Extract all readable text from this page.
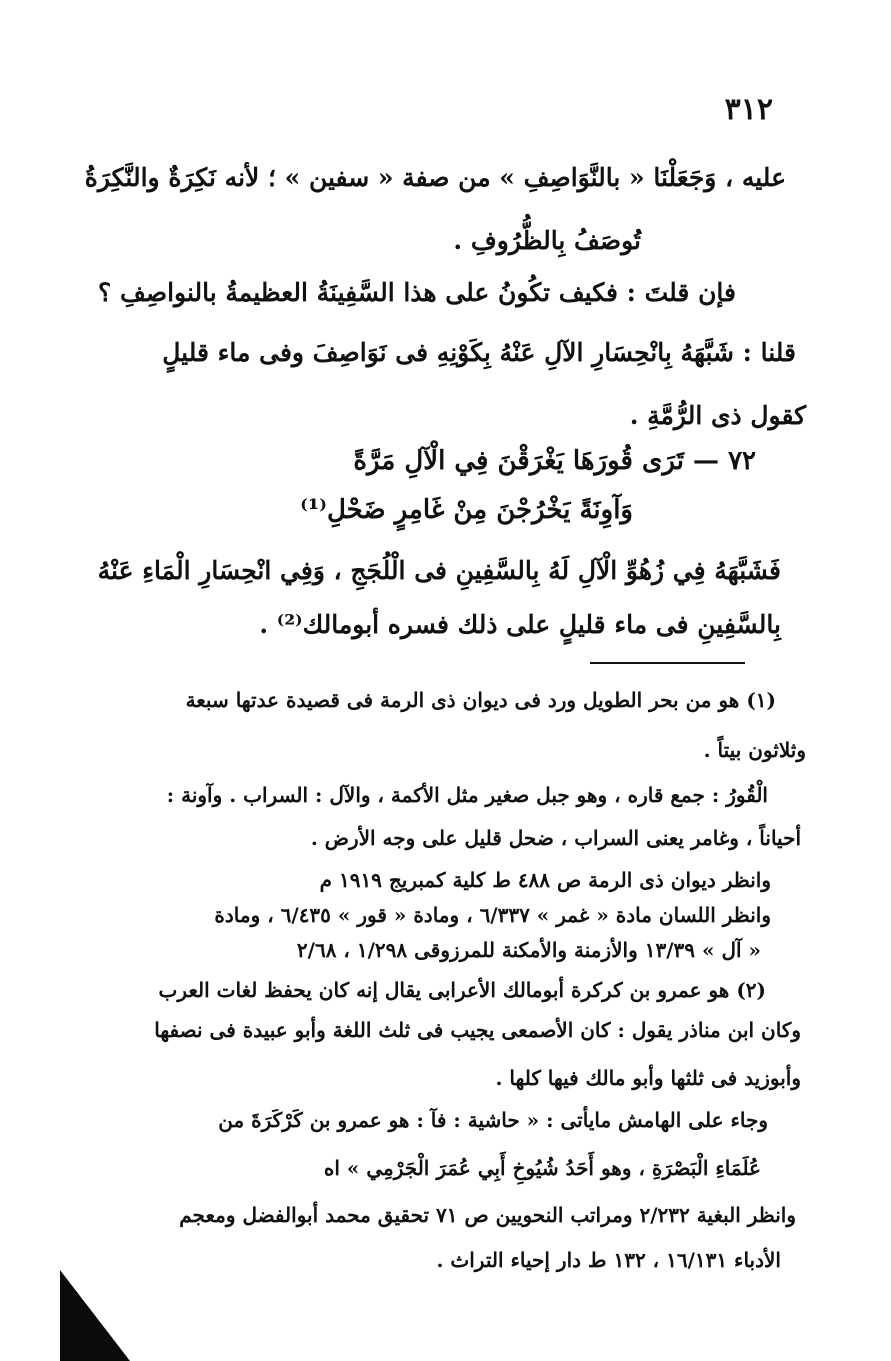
٣١٢
عليه ، وَجَعَلْنَا « بالنَّوَاصِفِ » من صفة « سفين » ؛ لأنه نَكِرَةٌ والنَّكِرَةُ
تُوصَفُ بِالظُّرُوفِ .
فإن قلتَ : فكيف تكُونُ على هذا السَّفِينَةُ العظيمةُ بالنواصِفِ ؟
قلنا : شَبَّهَهُ بِانْحِسَارِ الآلِ عَنْهُ بِكَوْنِهِ فى نَوَاصِفَ وفى ماء قليلٍ
كقول ذى الرُّمَّةِ .
٧٢ — تَرَى قُورَهَا يَغْرَقْنَ فِي الْآلِ مَرَّةً
وَآوِنَةً يَخْرُجْنَ مِنْ غَامِرٍ ضَحْلِ⁽¹⁾
فَشَبَّهَهُ فِي زُهُوِّ الْآلِ لَهُ بِالسَّفِينِ فى الْلُجَجِ ، وَفِي انْحِسَارِ الْمَاءِ عَنْهُ
بِالسَّفِينِ فى ماء قليلٍ على ذلك فسره أبومالك⁽²⁾ .
(١) هو من بحر الطويل ورد فى ديوان ذى الرمة فى قصيدة عدتها سبعة
وثلاثون بيتاً .
الْقُورُ : جمع قاره ، وهو جبل صغير مثل الأكمة ، والآل : السراب . وآونة :
أحياناً ، وغامر يعنى السراب ، ضحل قليل على وجه الأرض .
وانظر ديوان ذى الرمة ص ٤٨٨ ط كلية كمبريج ١٩١٩ م
وانظر اللسان مادة « غمر » ٦/٣٣٧ ، ومادة « قور » ٦/٤٣٥ ، ومادة
« آل » ١٣/٣٩ والأزمنة والأمكنة للمرزوقى ١/٢٩٨ ، ٢/٦٨
(٢) هو عمرو بن كركرة أبومالك الأعرابى يقال إنه كان يحفظ لغات العرب
وكان ابن مناذر يقول : كان الأصمعى يجيب فى ثلث اللغة وأبو عبيدة فى نصفها
وأبوزيد فى ثلثها وأبو مالك فيها كلها .
وجاء على الهامش مايأتى : « حاشية : فآ : هو عمرو بن كَرْكَرَةَ من
عُلَمَاءِ الْبَصْرَةِ ، وهو أَحَدُ شُيُوخِ أَبِي عُمَرَ الْجَرْمِي » اه
وانظر البغية ٢/٢٣٢ ومراتب النحويين ص ٧١ تحقيق محمد أبوالفضل ومعجم
الأدباء ١٦/١٣١ ، ١٣٢ ط دار إحياء التراث .
